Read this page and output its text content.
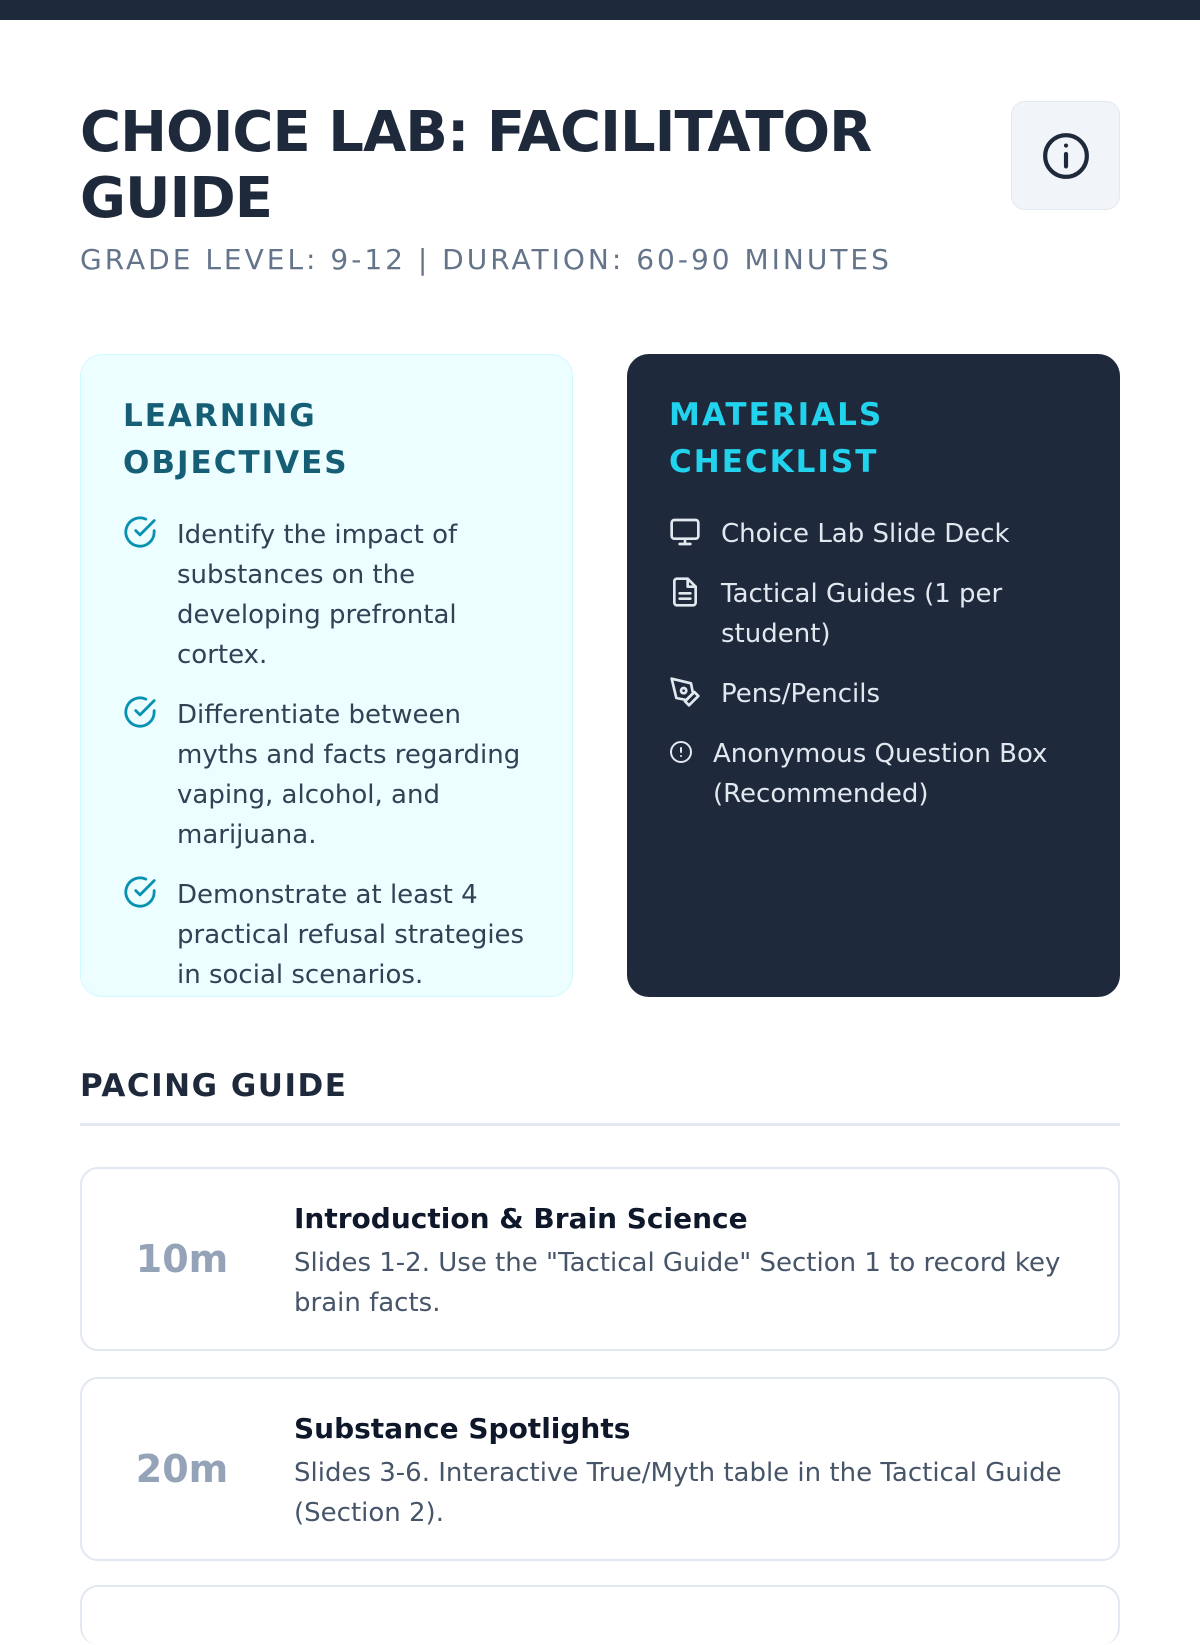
CHOICE LAB: FACILITATOR GUIDE
GRADE LEVEL: 9-12 | DURATION: 60-90 MINUTES
LEARNING OBJECTIVES
Identify the impact of substances on the developing prefrontal cortex.
Differentiate between myths and facts regarding vaping, alcohol, and marijuana.
Demonstrate at least 4 practical refusal strategies in social scenarios.
MATERIALS CHECKLIST
Choice Lab Slide Deck
Tactical Guides (1 per student)
Pens/Pencils
Anonymous Question Box (Recommended)
PACING GUIDE
10m
Introduction & Brain Science
Slides 1-2. Use the "Tactical Guide" Section 1 to record key brain facts.
20m
Substance Spotlights
Slides 3-6. Interactive True/Myth table in the Tactical Guide (Section 2).
